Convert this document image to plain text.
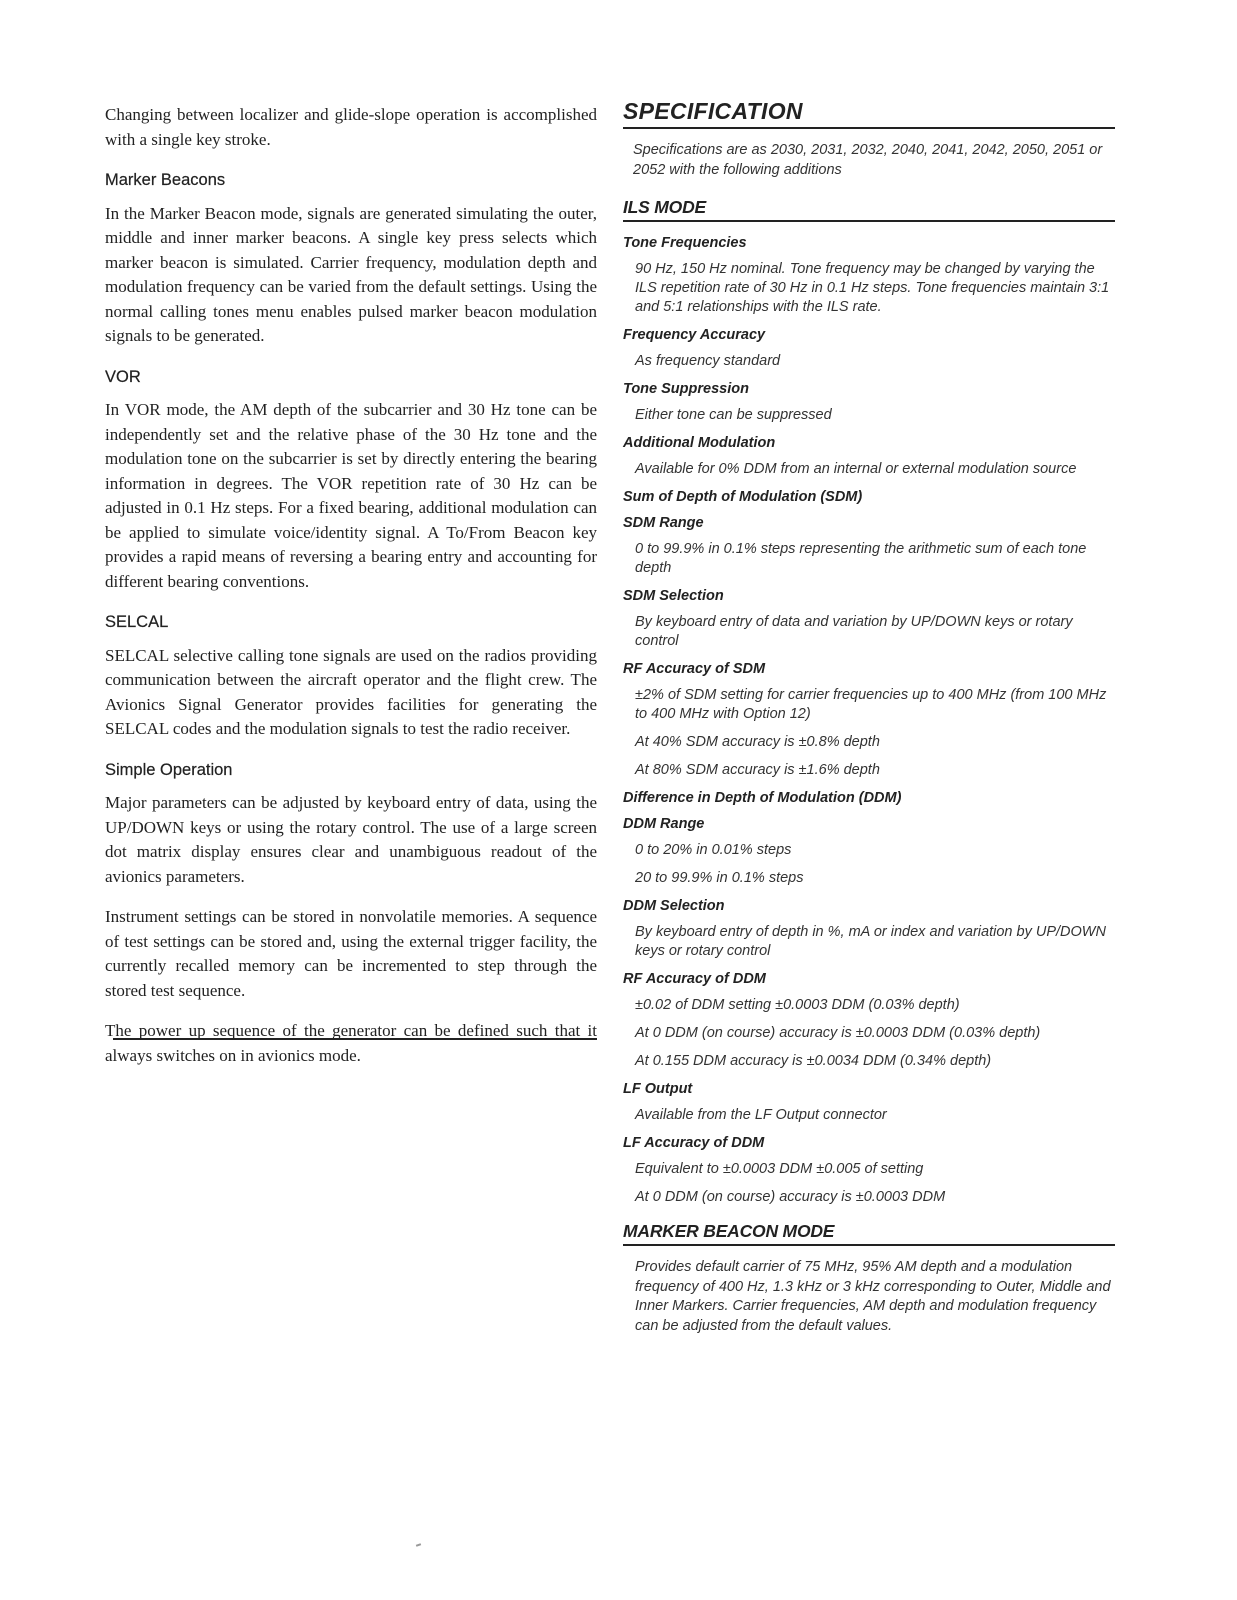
Changing between localizer and glide-slope operation is accomplished with a single key stroke.

Marker Beacons

In the Marker Beacon mode, signals are generated simulating the outer, middle and inner marker beacons. A single key press selects which marker beacon is simulated. Carrier frequency, modulation depth and modulation frequency can be varied from the default settings. Using the normal calling tones menu enables pulsed marker beacon modulation signals to be generated.

VOR

In VOR mode, the AM depth of the subcarrier and 30 Hz tone can be independently set and the relative phase of the 30 Hz tone and the modulation tone on the subcarrier is set by directly entering the bearing information in degrees. The VOR repetition rate of 30 Hz can be adjusted in 0.1 Hz steps. For a fixed bearing, additional modulation can be applied to simulate voice/identity signal. A To/From Beacon key provides a rapid means of reversing a bearing entry and accounting for different bearing conventions.

SELCAL

SELCAL selective calling tone signals are used on the radios providing communication between the aircraft operator and the flight crew. The Avionics Signal Generator provides facilities for generating the SELCAL codes and the modulation signals to test the radio receiver.

Simple Operation

Major parameters can be adjusted by keyboard entry of data, using the UP/DOWN keys or using the rotary control. The use of a large screen dot matrix display ensures clear and unambiguous readout of the avionics parameters.

Instrument settings can be stored in nonvolatile memories. A sequence of test settings can be stored and, using the external trigger facility, the currently recalled memory can be incremented to step through the stored test sequence.

The power up sequence of the generator can be defined such that it always switches on in avionics mode.

SPECIFICATION

Specifications are as 2030, 2031, 2032, 2040, 2041, 2042, 2050, 2051 or 2052 with the following additions

ILS MODE
Tone Frequencies
90 Hz, 150 Hz nominal. Tone frequency may be changed by varying the ILS repetition rate of 30 Hz in 0.1 Hz steps. Tone frequencies maintain 3:1 and 5:1 relationships with the ILS rate.
Frequency Accuracy
As frequency standard
Tone Suppression
Either tone can be suppressed
Additional Modulation
Available for 0% DDM from an internal or external modulation source
Sum of Depth of Modulation (SDM)
SDM Range
0 to 99.9% in 0.1% steps representing the arithmetic sum of each tone depth
SDM Selection
By keyboard entry of data and variation by UP/DOWN keys or rotary control
RF Accuracy of SDM
±2% of SDM setting for carrier frequencies up to 400 MHz (from 100 MHz to 400 MHz with Option 12)
At 40% SDM accuracy is ±0.8% depth
At 80% SDM accuracy is ±1.6% depth
Difference in Depth of Modulation (DDM)
DDM Range
0 to 20% in 0.01% steps
20 to 99.9% in 0.1% steps
DDM Selection
By keyboard entry of depth in %, mA or index and variation by UP/DOWN keys or rotary control
RF Accuracy of DDM
±0.02 of DDM setting ±0.0003 DDM (0.03% depth)
At 0 DDM (on course) accuracy is ±0.0003 DDM (0.03% depth)
At 0.155 DDM accuracy is ±0.0034 DDM (0.34% depth)
LF Output
Available from the LF Output connector
LF Accuracy of DDM
Equivalent to ±0.0003 DDM ±0.005 of setting
At 0 DDM (on course) accuracy is ±0.0003 DDM
MARKER BEACON MODE

Provides default carrier of 75 MHz, 95% AM depth and a modulation frequency of 400 Hz, 1.3 kHz or 3 kHz corresponding to Outer, Middle and Inner Markers. Carrier frequencies, AM depth and modulation frequency can be adjusted from the default values.
